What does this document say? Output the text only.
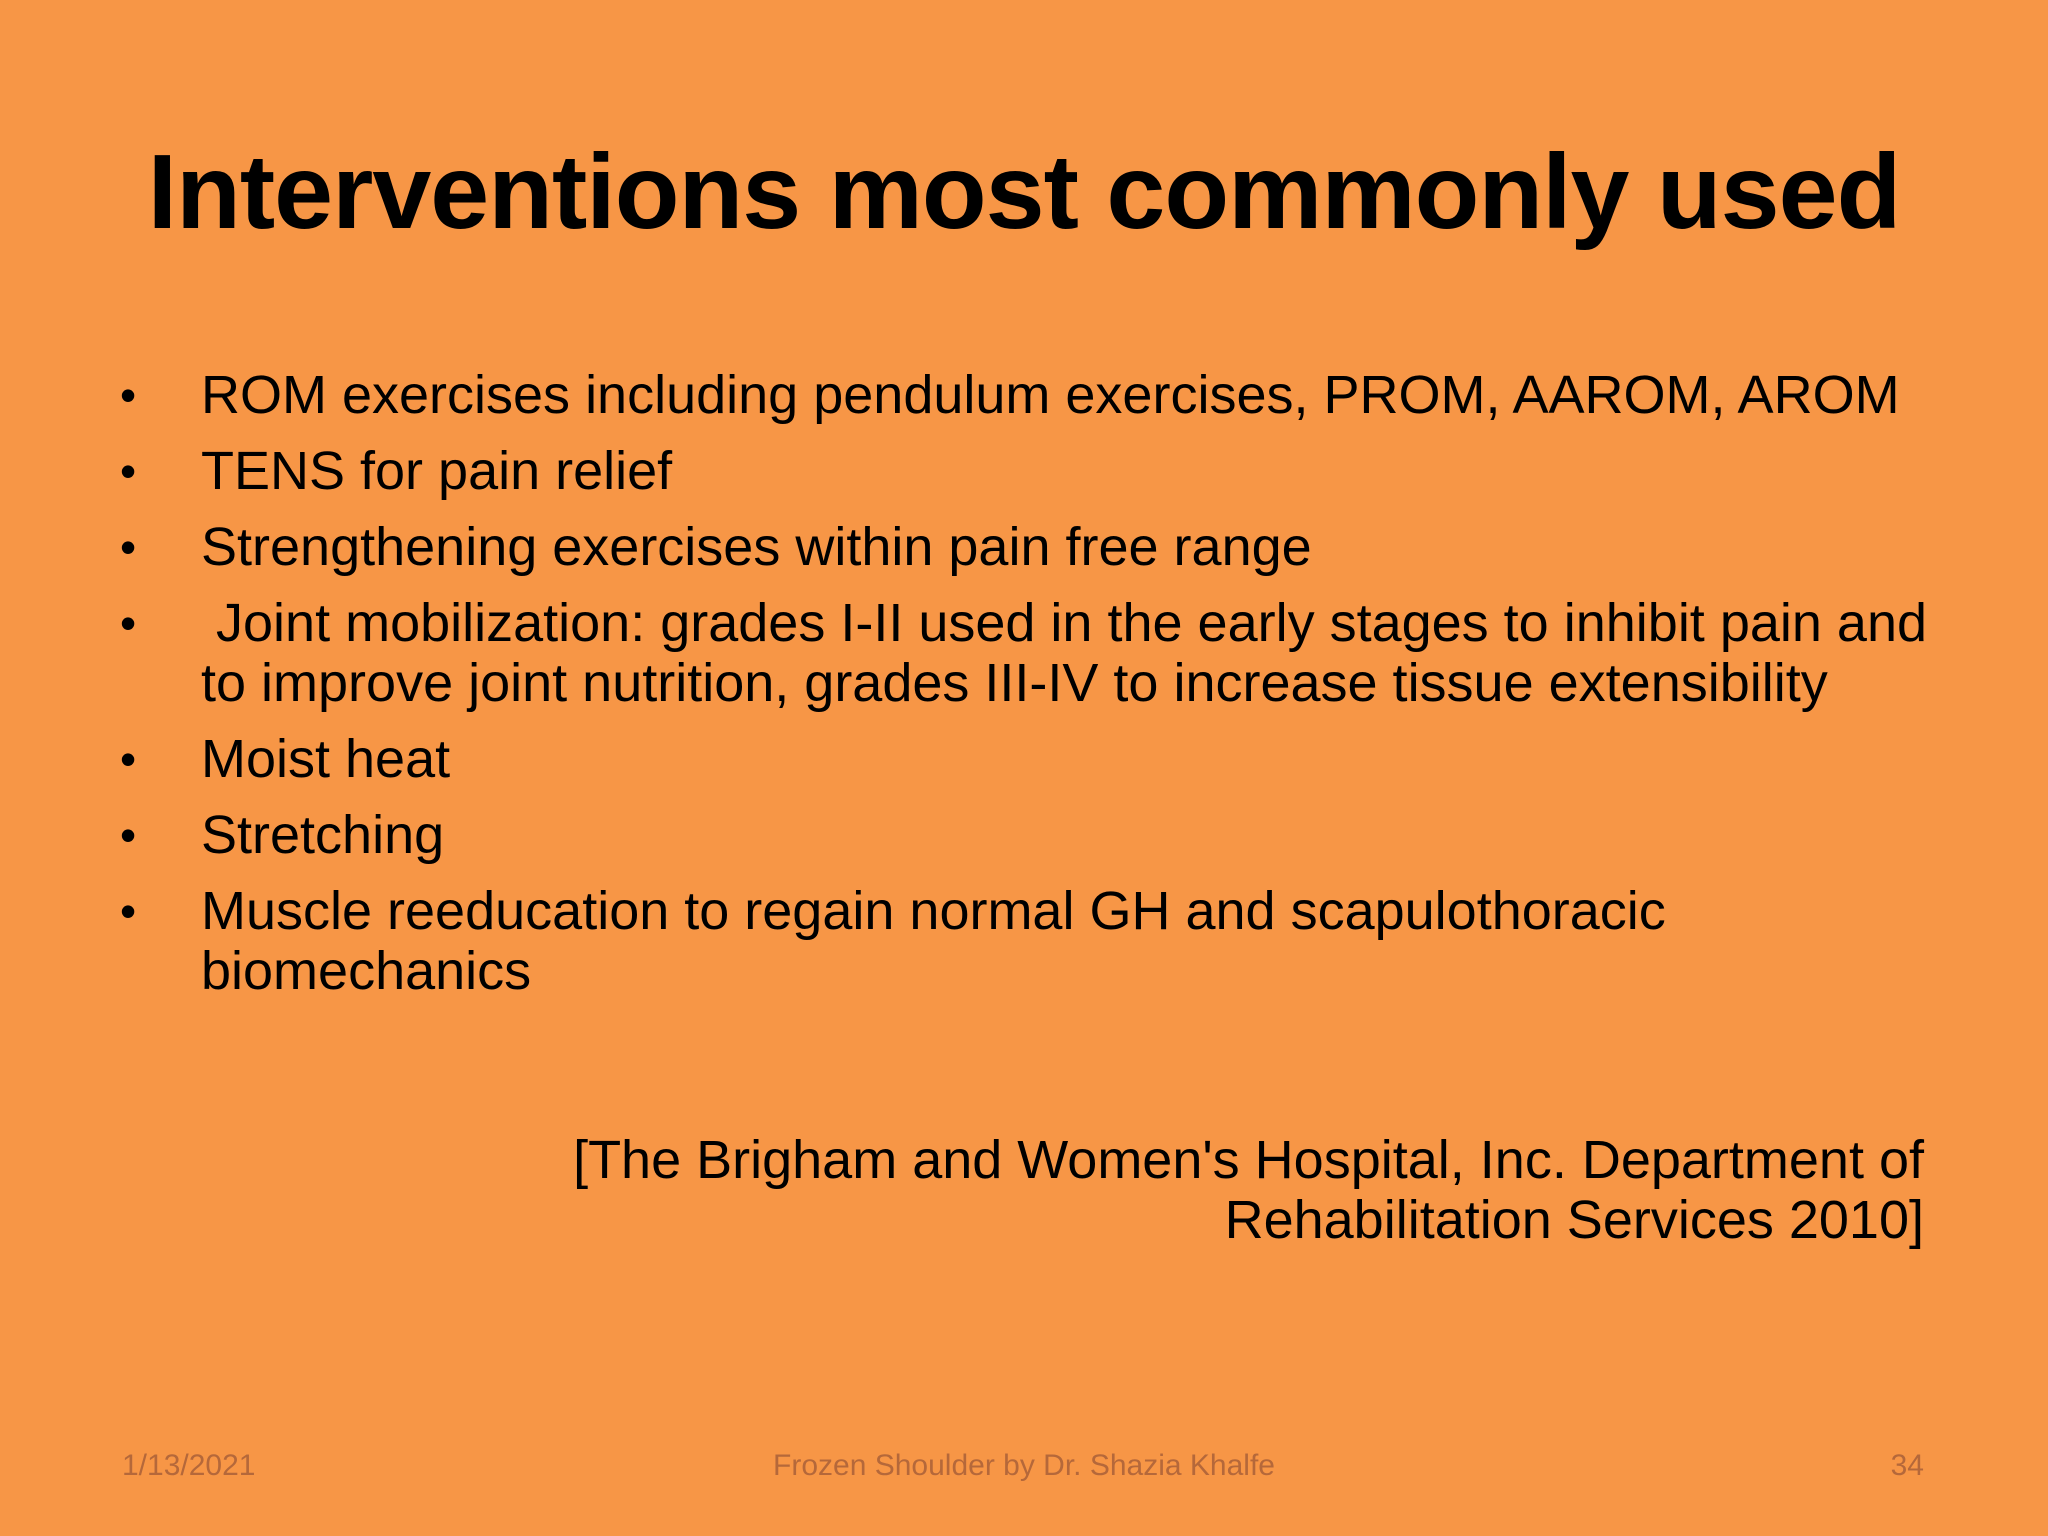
Interventions most commonly used
•	ROM exercises including pendulum exercises, PROM, AAROM, AROM
•	TENS for pain relief
•	Strengthening exercises within pain free range
•	Joint mobilization: grades I-II used in the early stages to inhibit pain and to improve joint nutrition, grades III-IV to increase tissue extensibility
•	Moist heat
•	Stretching
•	Muscle reeducation to regain normal GH and scapulothoracic biomechanics
[The Brigham and Women's Hospital, Inc. Department of Rehabilitation Services 2010]
1/13/2021	Frozen Shoulder by Dr. Shazia Khalfe	34
